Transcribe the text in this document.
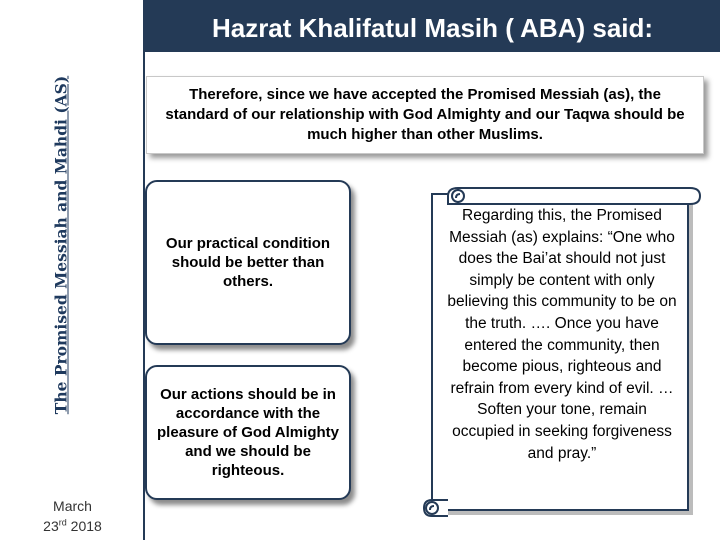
The Promised Messiah and Mahdi (AS)
March
23rd 2018
Hazrat Khalifatul Masih ( ABA) said:
Therefore, since we have accepted the Promised Messiah (as), the standard of our relationship with God Almighty and our Taqwa should be much higher than other Muslims.
Our practical condition should be better than others.
Our actions should be in accordance with the pleasure of God Almighty and we should be righteous.
Regarding this, the Promised Messiah (as) explains: “One who does the Bai’at should not just simply be content with only believing this community to be on the truth. …. Once you have entered the community, then become pious, righteous and refrain from every kind of evil. … Soften your tone, remain occupied in seeking forgiveness and pray.”
